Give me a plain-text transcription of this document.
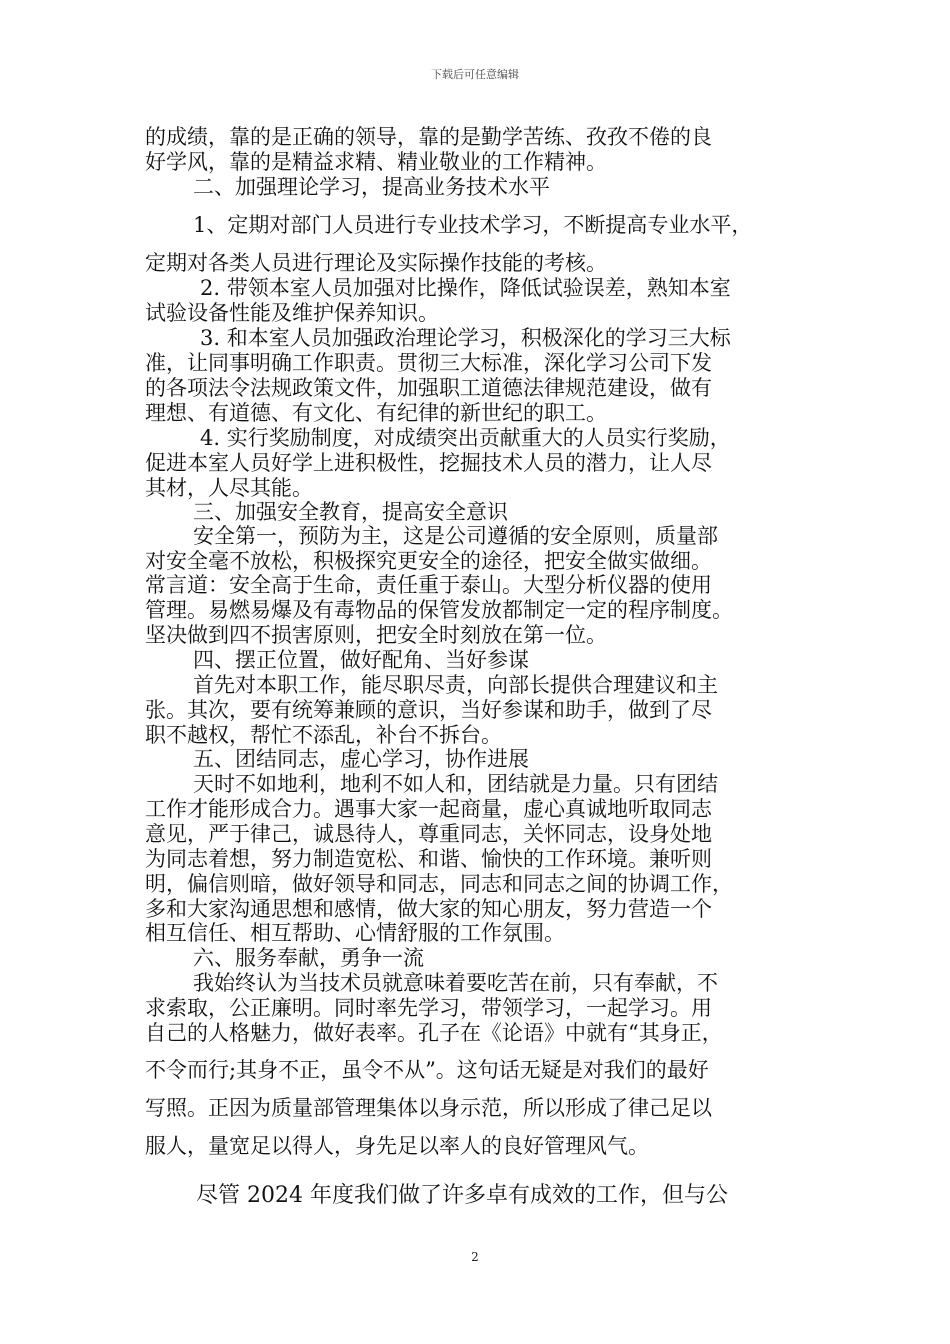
下载后可任意编辑
的成绩，靠的是正确的领导，靠的是勤学苦练、孜孜不倦的良
好学风，靠的是精益求精、精业敬业的工作精神。
二、加强理论学习，提高业务技术水平
1、定期对部门人员进行专业技术学习，不断提高专业水平，
定期对各类人员进行理论及实际操作技能的考核。
2. 带领本室人员加强对比操作，降低试验误差，熟知本室
试验设备性能及维护保养知识。
3. 和本室人员加强政治理论学习，积极深化的学习三大标
准，让同事明确工作职责。贯彻三大标准，深化学习公司下发
的各项法令法规政策文件，加强职工道德法律规范建设，做有
理想、有道德、有文化、有纪律的新世纪的职工。
4. 实行奖励制度，对成绩突出贡献重大的人员实行奖励，
促进本室人员好学上进积极性，挖掘技术人员的潜力，让人尽
其材，人尽其能。
三、加强安全教育，提高安全意识
安全第一，预防为主，这是公司遵循的安全原则，质量部
对安全毫不放松，积极探究更安全的途径，把安全做实做细。
常言道：安全高于生命，责任重于泰山。大型分析仪器的使用
管理。易燃易爆及有毒物品的保管发放都制定一定的程序制度。
坚决做到四不损害原则，把安全时刻放在第一位。
四、摆正位置，做好配角、当好参谋
首先对本职工作，能尽职尽责，向部长提供合理建议和主
张。其次，要有统筹兼顾的意识，当好参谋和助手，做到了尽
职不越权，帮忙不添乱，补台不拆台。
五、团结同志，虚心学习，协作进展
天时不如地利，地利不如人和，团结就是力量。只有团结
工作才能形成合力。遇事大家一起商量，虚心真诚地听取同志
意见，严于律己，诚恳待人，尊重同志，关怀同志，设身处地
为同志着想，努力制造宽松、和谐、愉快的工作环境。兼听则
明，偏信则暗，做好领导和同志，同志和同志之间的协调工作，
多和大家沟通思想和感情，做大家的知心朋友，努力营造一个
相互信任、相互帮助、心情舒服的工作氛围。
六、服务奉献，勇争一流
我始终认为当技术员就意味着要吃苦在前，只有奉献，不
求索取，公正廉明。同时率先学习，带领学习，一起学习。用
自己的人格魅力，做好表率。孔子在《论语》中就有“其身正，
不令而行;其身不正，虽令不从”。这句话无疑是对我们的最好
写照。正因为质量部管理集体以身示范，所以形成了律己足以
服人，量宽足以得人，身先足以率人的良好管理风气。
尽管 2024 年度我们做了许多卓有成效的工作，但与公
2
